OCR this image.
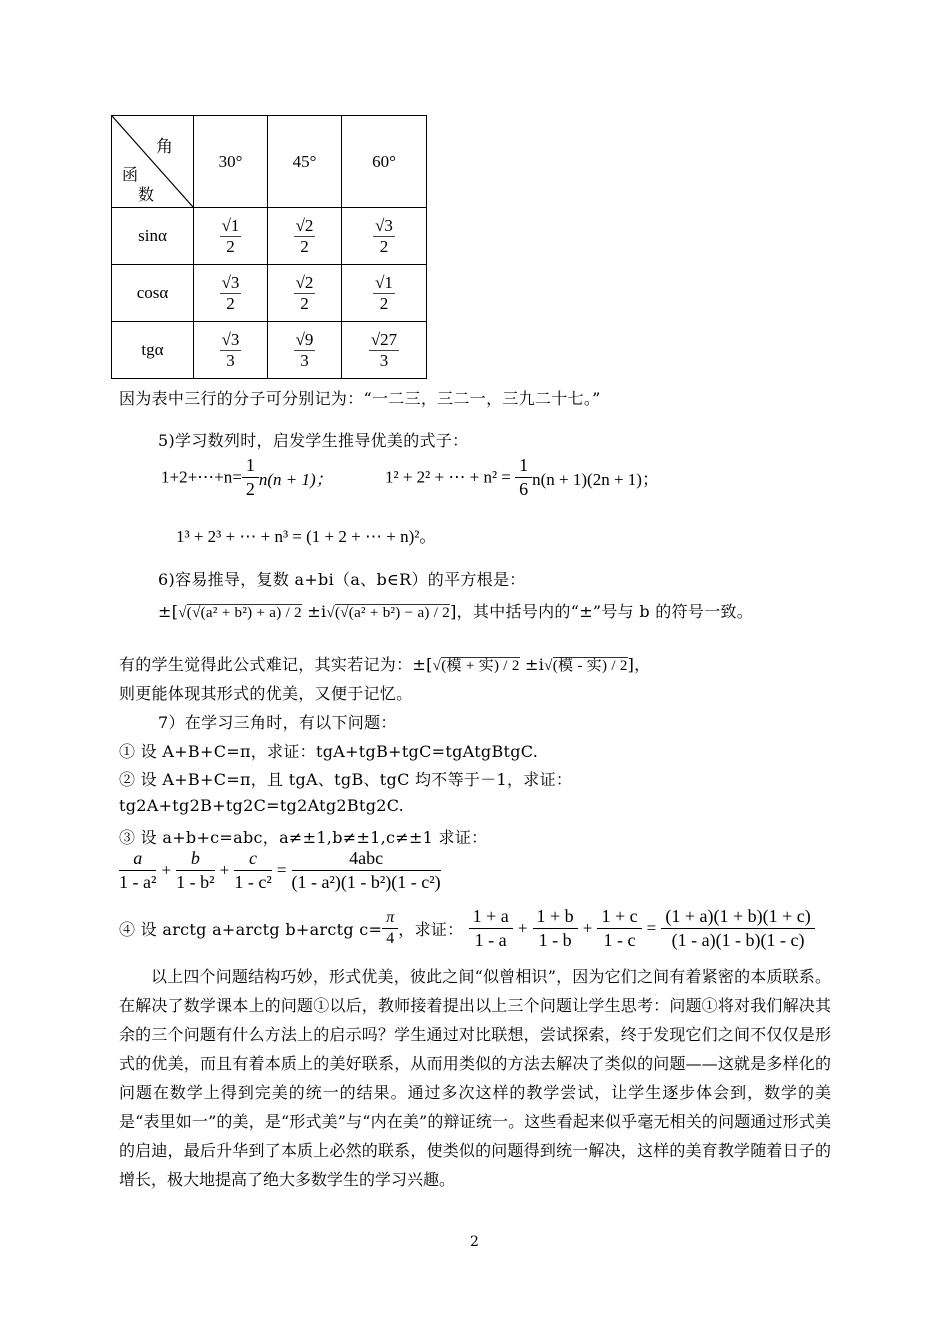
角
函
数	30°	45°	60°
sinα	$\frac{√1}{2}$	$\frac{√2}{2}$	$\frac{√3}{2}$

cosα	$\frac{√3}{2}$	$\frac{√2}{2}$	$\frac{√1}{2}$

tgα	$\frac{√3}{3}$	$\frac{√9}{3}$	$\frac{√27}{3}$
因为表中三行的分子可分别记为：“一二三，三二一，三九二十七。”
5)学习数列时，启发学生推导优美的式子：
1+2+⋯+n= $\frac{1}{2} n(n + 1)$；	1² + 2² + ⋯ + $n^2 = \frac{1}{6} n(n + 1)(2n + 1)$；
1³ + 2³ + ⋯ + n³ = (1 + 2 + ⋯ + n)²。
6)容易推导，复数 a+bi（a、b∈R）的平方根是：
±[√(√(a² + b²) + a) / 2 ±i√(√(a² + b²) − a) / 2]，其中括号内的“±”号与 b 的符号一致。
有的学生觉得此公式难记，其实若记为：±[√(模 + 实) / 2 ±i√(模 - 实) / 2]，
则更能体现其形式的优美，又便于记忆。
7）在学习三角时，有以下问题：
① 设 A+B+C=π，求证：tgA+tgB+tgC=tgAtgBtgC.
② 设 A+B+C=π，且 tgA、tgB、tgC 均不等于－1，求证：
tg2A+tg2B+tg2C=tg2Atg2Btg2C.
③ 设 a+b+c=abc，a≠±1,b≠±1,c≠±1 求证：
$\frac{a}{\text{1 - a²}} + \frac{b}{\text{1 - b²}} + \frac{c}{\text{1 - c²}}$ =
4abc
(1 - a²)(1 - b²)(1 - c²)
④ 设 arctg a+arctg b+arctg $c= \frac{\pi}{4}$ ，求证： $\frac{1 + a}{1 - a} + \frac{1 + b}{1 - b} + \frac{1 + c}{1 - c} = \frac{(1 + a)(1 + b)(1 + c)}{(1 - a)(1 - b)(1 - c)}$
以上四个问题结构巧妙，形式优美，彼此之间“似曾相识”，因为它们之间有着紧密的本质联系。在解决了数学课本上的问题①以后，教师接着提出以上三个问题让学生思考：问题①将对我们解决其余的三个问题有什么方法上的启示吗？学生通过对比联想，尝试探索，终于发现它们之间不仅仅是形式的优美，而且有着本质上的美好联系，从而用类似的方法去解决了类似的问题——这就是多样化的问题在数学上得到完美的统一的结果。通过多次这样的教学尝试，让学生逐步体会到，数学的美是“表里如一”的美，是“形式美”与“内在美”的辩证统一。这些看起来似乎毫无相关的问题通过形式美的启迪，最后升华到了本质上必然的联系，使类似的问题得到统一解决，这样的美育教学随着日子的增长，极大地提高了绝大多数学生的学习兴趣。
2
